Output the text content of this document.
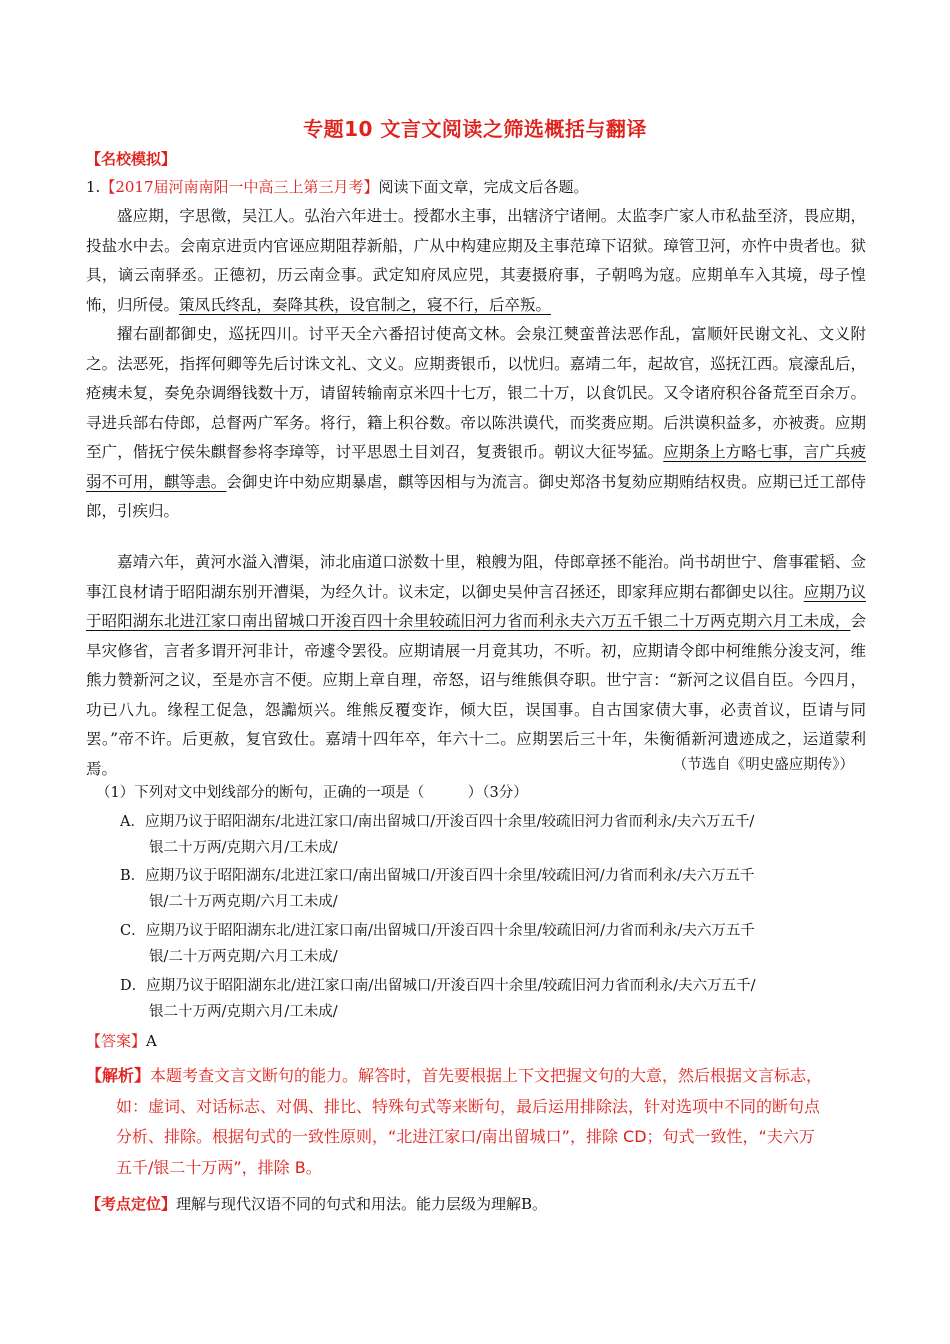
专题10 文言文阅读之筛选概括与翻译
【名校模拟】
1.【2017届河南南阳一中高三上第三月考】阅读下面文章，完成文后各题。

盛应期，字思徵，吴江人。弘治六年进士。授都水主事，出辖济宁诸闸。太监李广家人市私盐至济，畏应期，投盐水中去。会南京进贡内官诬应期阻荐新船，广从中构建应期及主事范璋下诏狱。璋管卫河，亦忤中贵者也。狱具，谪云南驿丞。正德初，历云南佥事。武定知府凤应兕，其妻摄府事，子朝鸣为寇。应期单车入其境，母子惶怖，归所侵。策凤氏终乱，奏降其秩，设官制之，寝不行，后卒叛。

擢右副都御史，巡抚四川。讨平天全六番招讨使高文林。会泉江僰蛮普法恶作乱，富顺奸民谢文礼、文义附之。法恶死，指挥何卿等先后讨诛文礼、文义。应期赉银币，以忧归。嘉靖二年，起故官，巡抚江西。宸濠乱后，疮痍未复，奏免杂调缗钱数十万，请留转输南京米四十七万，银二十万，以食饥民。又令诸府积谷备荒至百余万。寻进兵部右侍郎，总督两广军务。将行，籍上积谷数。帝以陈洪谟代，而奖赉应期。后洪谟积益多，亦被赉。应期至广，偕抚宁侯朱麒督参将李璋等，讨平思恩土目刘召，复赉银币。朝议大征岑猛。应期条上方略七事，言广兵疲弱不可用，麒等恚。会御史许中劾应期暴虐，麒等因相与为流言。御史郑洛书复劾应期贿结权贵。应期已迁工部侍郎，引疾归。

嘉靖六年，黄河水溢入漕渠，沛北庙道口淤数十里，粮艘为阻，侍郎章拯不能治。尚书胡世宁、詹事霍韬、佥事江良材请于昭阳湖东别开漕渠，为经久计。议未定，以御史吴仲言召拯还，即家拜应期右都御史以往。应期乃议于昭阳湖东北进江家口南出留城口开浚百四十余里较疏旧河力省而利永夫六万五千银二十万两克期六月工未成，会旱灾修省，言者多谓开河非计，帝遽令罢役。应期请展一月竟其功，不听。初，应期请令郎中柯维熊分浚支河，维熊力赞新河之议，至是亦言不便。应期上章自理，帝怒，诏与维熊俱夺职。世宁言：“新河之议倡自臣。今四月，功已八九。缘程工促急，怨讟烦兴。维熊反覆变诈，倾大臣，误国事。自古国家债大事，必责首议，臣请与同罢。”帝不许。后更赦，复官致仕。嘉靖十四年卒，年六十二。应期罢后三十年，朱衡循新河遗迹成之，运道蒙利焉。	（节选自《明史盛应期传》）
（1）下列对文中划线部分的断句，正确的一项是（　　　）（3分）
A．应期乃议于昭阳湖东/北进江家口/南出留城口/开浚百四十余里/较疏旧河力省而利永/夫六万五千/
银二十万两/克期六月/工未成/
B．应期乃议于昭阳湖东/北进江家口/南出留城口/开浚百四十余里/较疏旧河/力省而利永/夫六万五千
银/二十万两克期/六月工未成/
C．应期乃议于昭阳湖东北/进江家口南/出留城口/开浚百四十余里/较疏旧河/力省而利永/夫六万五千
银/二十万两克期/六月工未成/
D．应期乃议于昭阳湖东北/进江家口南/出留城口/开浚百四十余里/较疏旧河力省而利永/夫六万五千/
银二十万两/克期六月/工未成/
【答案】A
【解析】本题考查文言文断句的能力。解答时，首先要根据上下文把握文句的大意，然后根据文言标志，
如：虚词、对话标志、对偶、排比、特殊句式等来断句，最后运用排除法，针对选项中不同的断句点
分析、排除。根据句式的一致性原则，“北进江家口/南出留城口”，排除 CD；句式一致性，“夫六万
五千/银二十万两”，排除 B。
【考点定位】理解与现代汉语不同的句式和用法。能力层级为理解B。
